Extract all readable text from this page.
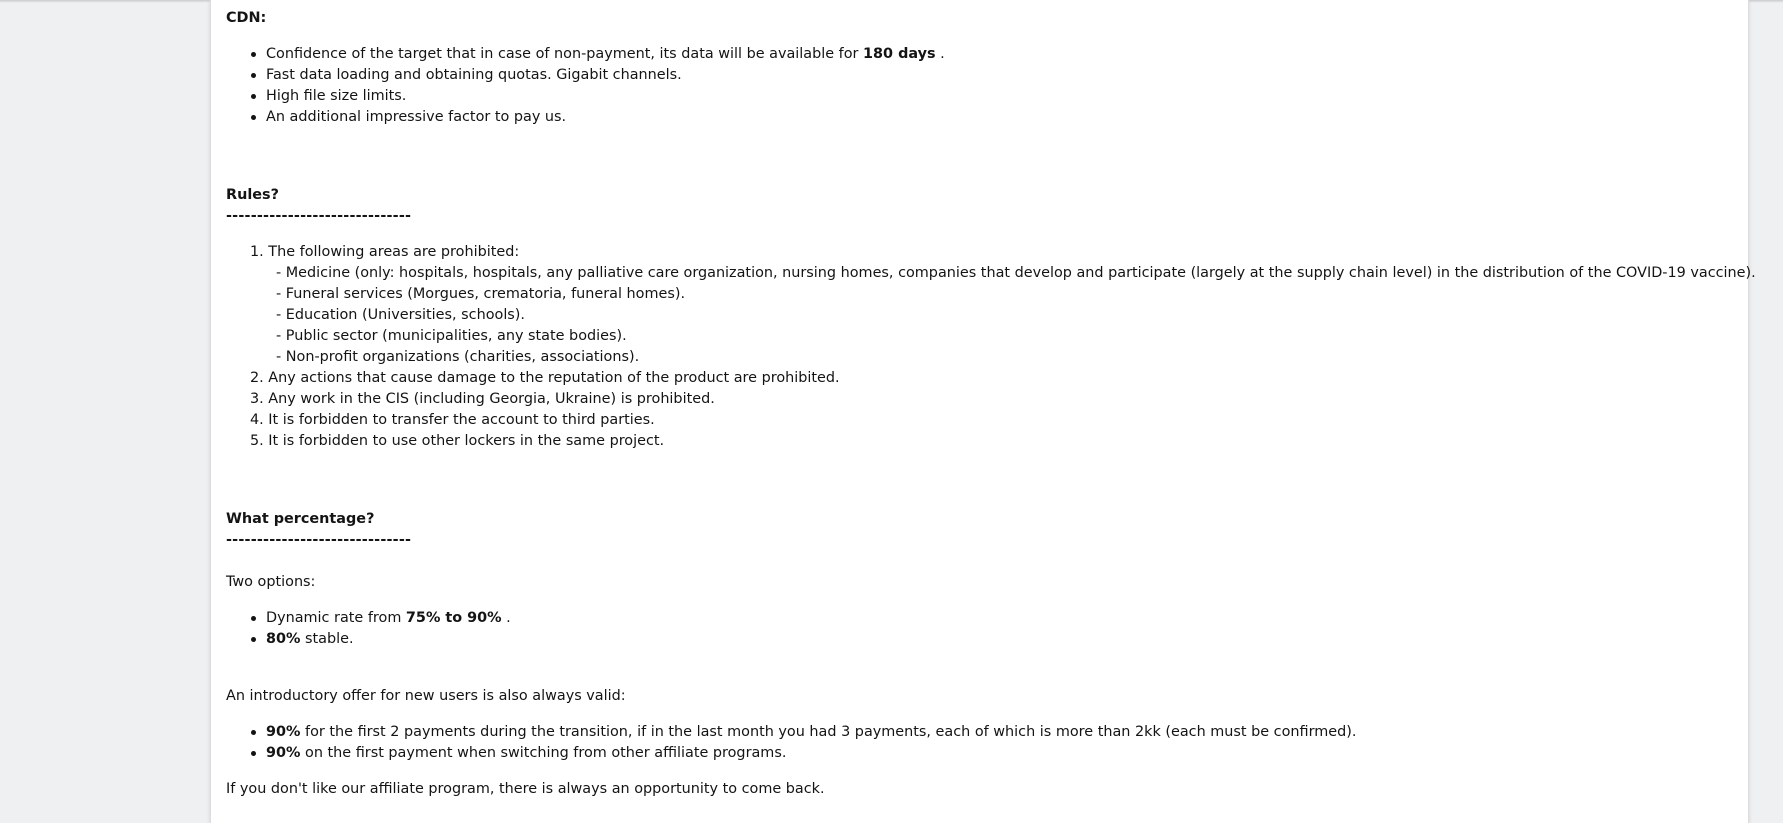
CDN:
Confidence of the target that in case of non-payment, its data will be available for 180 days .
Fast data loading and obtaining quotas. Gigabit channels.
High file size limits.
An additional impressive factor to pay us.
Rules?
------------------------------
1. The following areas are prohibited:
- Medicine (only: hospitals, hospitals, any palliative care organization, nursing homes, companies that develop and participate (largely at the supply chain level) in the distribution of the COVID-19 vaccine).
- Funeral services (Morgues, crematoria, funeral homes).
- Education (Universities, schools).
- Public sector (municipalities, any state bodies).
- Non-profit organizations (charities, associations).
2. Any actions that cause damage to the reputation of the product are prohibited.
3. Any work in the CIS (including Georgia, Ukraine) is prohibited.
4. It is forbidden to transfer the account to third parties.
5. It is forbidden to use other lockers in the same project.
What percentage?
------------------------------
Two options:
Dynamic rate from 75% to 90% .
80% stable.
An introductory offer for new users is also always valid:
90% for the first 2 payments during the transition, if in the last month you had 3 payments, each of which is more than 2kk (each must be confirmed).
90% on the first payment when switching from other affiliate programs.
If you don't like our affiliate program, there is always an opportunity to come back.
